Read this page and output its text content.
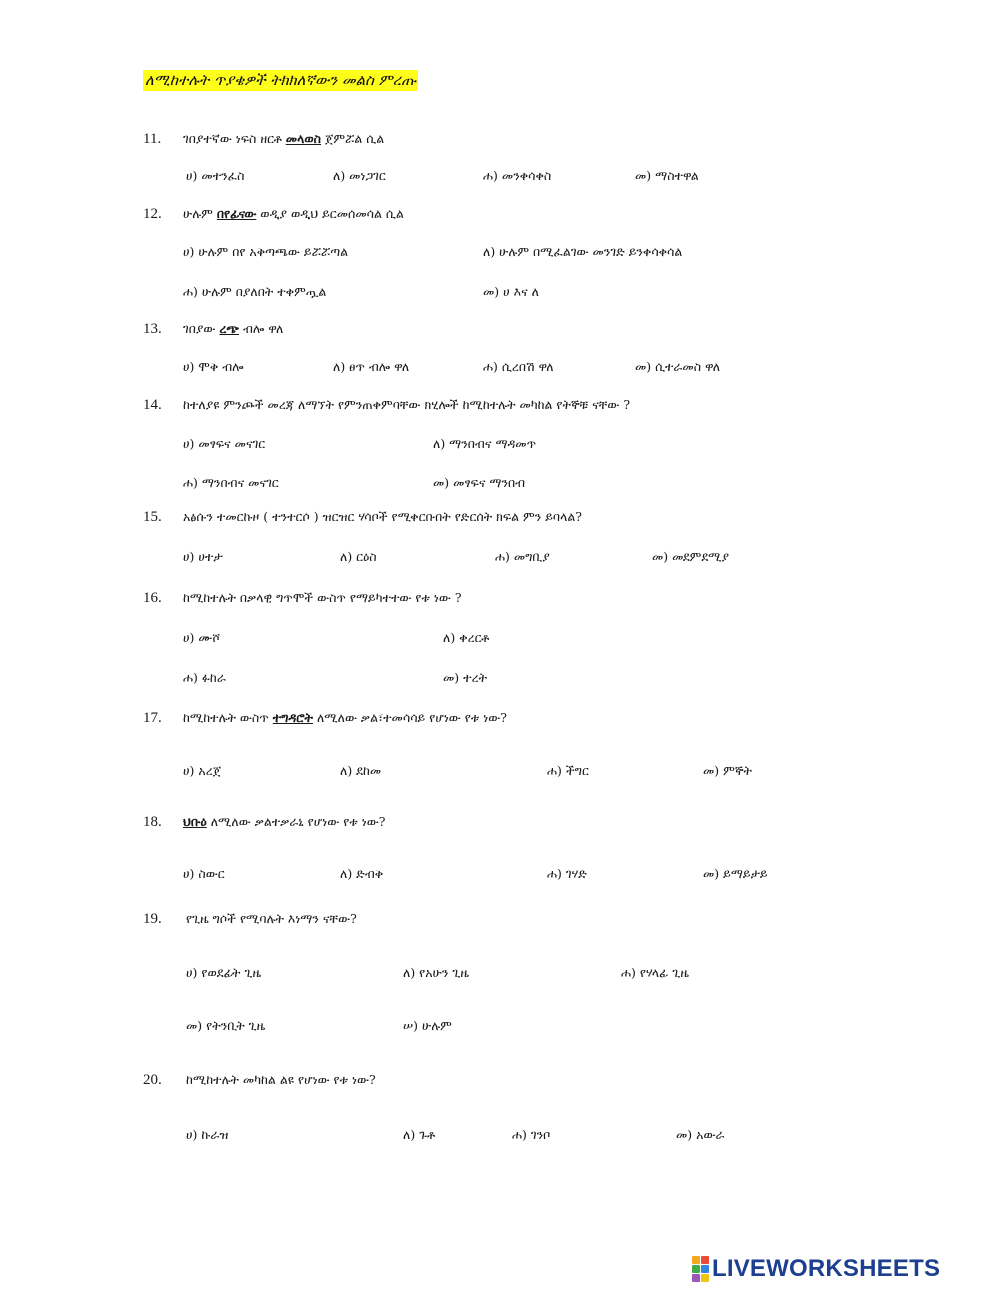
ለሚከተሉት ጥያቄዎች ትክክለኛውን መልስ ምረጡ
11. ገበያተኛው ነፍስ ዘርቶ መላወስ ጀምሯል ሲል
ሀ) መተንፈስ	ለ) መነጋገር	ሐ) መንቀሳቀስ	መ) ማስተዋል
12. ሁሉም በየፊናው ወዲያ ወዲህ ይርመሰመሳል ሲል
ሀ) ሁሉም በየ አቅጣጫው ይሯሯጣል	ለ) ሁሉም በሚፈልገው መንገድ ይንቀሳቀሳል
ሐ) ሁሉም በያለበት ተቀምጧል	መ) ሀ እና ለ
13. ገበያው ረጭ ብሎ ዋለ
ሀ) ሞቅ ብሎ	ለ) ፀጥ ብሎ ዋለ	ሐ) ሲረበሽ ዋለ	መ) ሲተራመስ ዋለ
14. ከተለያዩ ምንጮች መረጃ ለማኘት የምንጠቀምባቸው ክሂሎች ከሚከተሉት መካከል የትኞቹ ናቸው ?
ሀ) መፃፍና መናገር	ለ) ማንበብና ማዳመጥ
ሐ) ማንበብና መናገር	መ) መፃፍና ማንበብ
15. አፅሱን ተመርኩዞ ( ተንተርሶ ) ዝርዝር ሃሳቦች የሚቀርቡበት የድርሰት ክፍል ምን ይባላል?
ሀ) ሀተታ	ለ) ርዕስ	ሐ) መግቢያ	መ) መደምደሚያ
16. ከሚከተሉት በቃላዊ ግጥሞች ውስጥ የማይካተተው የቱ ነው ?
ሀ) ሙሾ	ለ) ቀረርቶ
ሐ) ፉከራ	መ) ተረት
17. ከሚከተሉት ውስጥ ተግዳሮት ለሚለው ቃል፣ተመሳሳይ የሆነው የቱ ነው?
ሀ) አረጀ	ለ) ደከመ	ሐ) ችግር	መ) ምኞት
18. ህቡዕ ለሚለው ቃልተቃራኒ የሆነው የቱ ነው?
ሀ) ስውር	ለ) ድብቅ	ሐ) ገሃድ	መ) ይማይታይ
19. የጊዜ ግሶች የሚባሉት እነማን ናቸው?
ሀ) የወደፊት ጊዜ	ለ) የአሁን ጊዜ	ሐ) የሃላፊ ጊዜ
መ) የትንቢት ጊዜ	ሠ) ሁሉም
20. ከሚከተሉት መካከል ልዩ የሆነው የቱ ነው?
ሀ) ኩራዝ	ለ) ጉቶ	ሐ) ገንቦ	መ) አውራ
LIVEWORKSHEETS
